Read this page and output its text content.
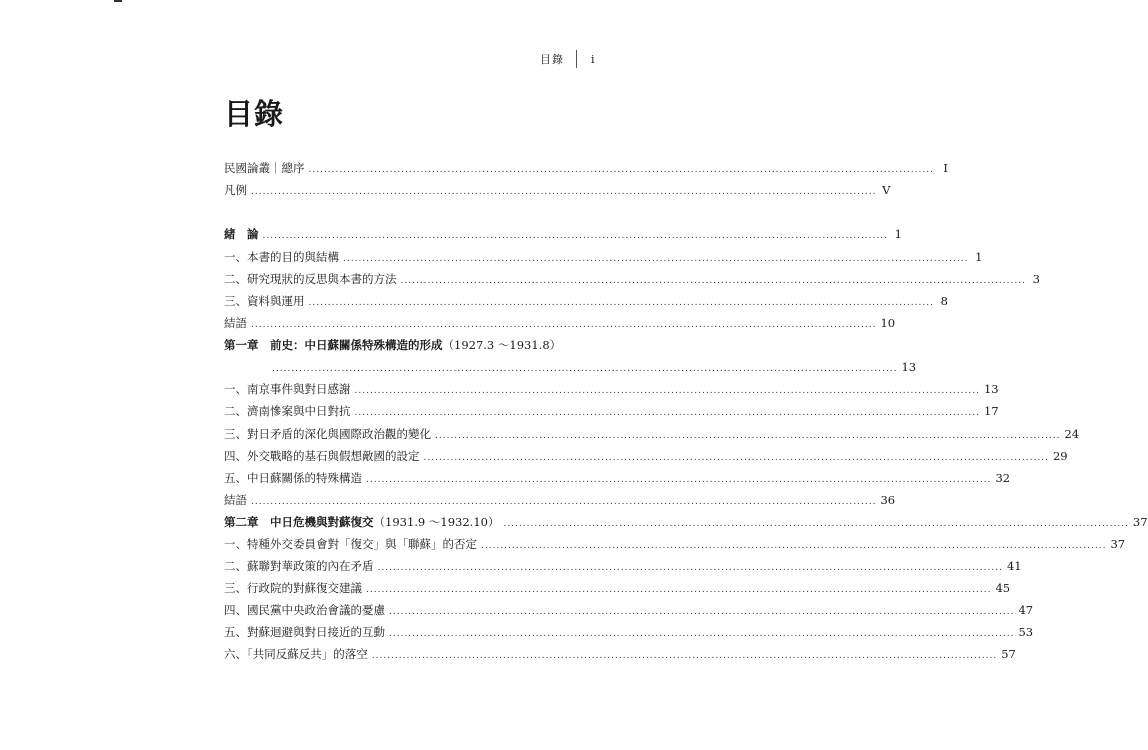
目錄 i
目錄
民國論叢｜總序 .................................................................................................................................................................. I
凡例 .................................................................................................................................................................. V
緒　論 .................................................................................................................................................................. 1
一、本書的目的與結構 .................................................................................................................................................................. 1
二、研究現狀的反思與本書的方法 .................................................................................................................................................................. 3
三、資料與運用 .................................................................................................................................................................. 8
結語 .................................................................................................................................................................. 10
第一章　前史：中日蘇關係特殊構造的形成 （1927.3 ～1931.8）
.................................................................................................................................................................. 13
一、南京事件與對日感謝 .................................................................................................................................................................. 13
二、濟南慘案與中日對抗 .................................................................................................................................................................. 17
三、對日矛盾的深化與國際政治觀的變化 .................................................................................................................................................................. 24
四、外交戰略的基石與假想敵國的設定 .................................................................................................................................................................. 29
五、中日蘇關係的特殊構造 .................................................................................................................................................................. 32
結語 .................................................................................................................................................................. 36
第二章　中日危機與對蘇復交 （1931.9 ～1932.10） .................................................................................................................................................................. 37
一、特種外交委員會對「復交」與「聯蘇」的否定 .................................................................................................................................................................. 37
二、蘇聯對華政策的內在矛盾 .................................................................................................................................................................. 41
三、行政院的對蘇復交建議 .................................................................................................................................................................. 45
四、國民黨中央政治會議的憂慮 .................................................................................................................................................................. 47
五、對蘇迴避與對日接近的互動 .................................................................................................................................................................. 53
六、「共同反蘇反共」的落空 .................................................................................................................................................................. 57
